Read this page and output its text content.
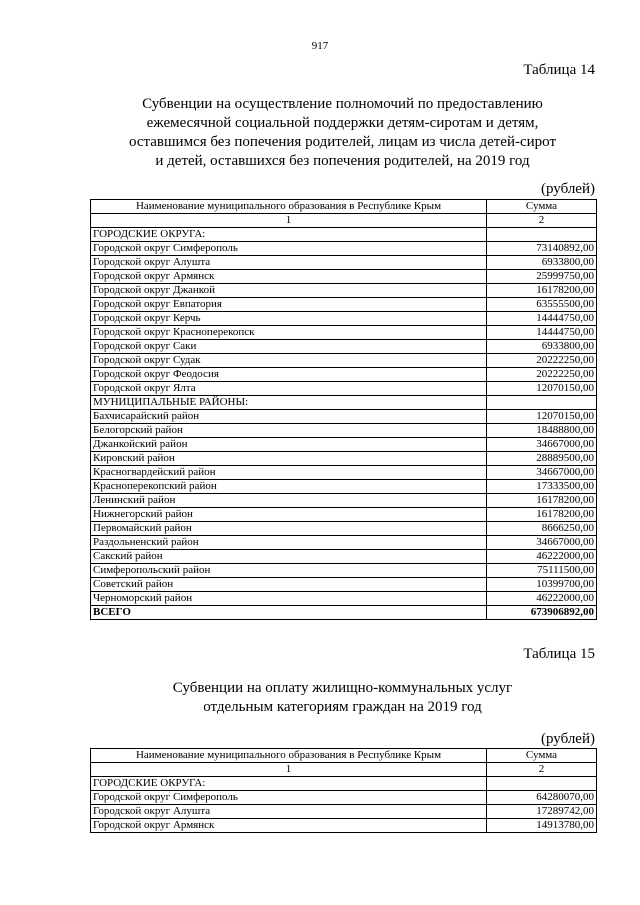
917
Таблица 14
Субвенции на осуществление полномочий по предоставлению
ежемесячной социальной поддержки детям-сиротам и детям,
оставшимся без попечения родителей, лицам из числа детей-сирот
и детей, оставшихся без попечения родителей, на 2019 год
(рублей)
Наименование муниципального образования в Республике Крым	Сумма
1	2
ГОРОДСКИЕ ОКРУГА:	
Городской округ Симферополь	73140892,00
Городской округ Алушта	6933800,00
Городской округ Армянск	25999750,00
Городской округ Джанкой	16178200,00
Городской округ Евпатория	63555500,00
Городской округ Керчь	14444750,00
Городской округ Красноперекопск	14444750,00
Городской округ Саки	6933800,00
Городской округ Судак	20222250,00
Городской округ Феодосия	20222250,00
Городской округ Ялта	12070150,00
МУНИЦИПАЛЬНЫЕ РАЙОНЫ:	
Бахчисарайский район	12070150,00
Белогорский район	18488800,00
Джанкойский район	34667000,00
Кировский район	28889500,00
Красногвардейский район	34667000,00
Красноперекопский район	17333500,00
Ленинский район	16178200,00
Нижнегорский район	16178200,00
Первомайский район	8666250,00
Раздольненский район	34667000,00
Сакский район	46222000,00
Симферопольский район	75111500,00
Советский район	10399700,00
Черноморский район	46222000,00
ВСЕГО	673906892,00
Таблица 15
Субвенции на оплату жилищно-коммунальных услуг
отдельным категориям граждан на 2019 год
(рублей)
Наименование муниципального образования в Республике Крым	Сумма
1	2
ГОРОДСКИЕ ОКРУГА:	
Городской округ Симферополь	64280070,00
Городской округ Алушта	17289742,00
Городской округ Армянск	14913780,00
